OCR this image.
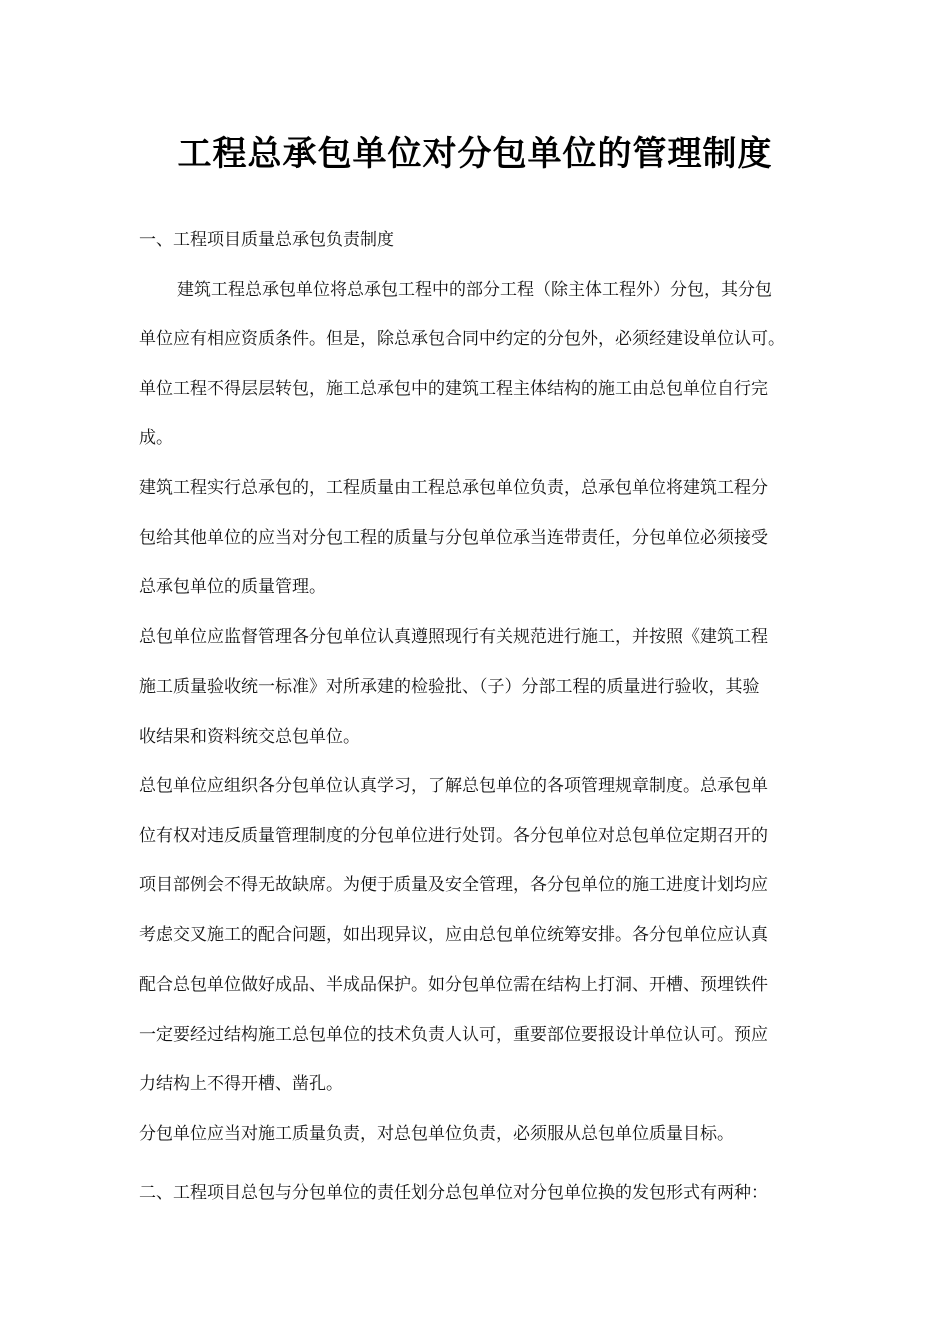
工程总承包单位对分包单位的管理制度
一、工程项目质量总承包负责制度
建筑工程总承包单位将总承包工程中的部分工程（除主体工程外）分包，其分包
单位应有相应资质条件。但是，除总承包合同中约定的分包外，必须经建设单位认可。
单位工程不得层层转包，施工总承包中的建筑工程主体结构的施工由总包单位自行完
成。
建筑工程实行总承包的，工程质量由工程总承包单位负责，总承包单位将建筑工程分
包给其他单位的应当对分包工程的质量与分包单位承当连带责任，分包单位必须接受
总承包单位的质量管理。
总包单位应监督管理各分包单位认真遵照现行有关规范进行施工，并按照《建筑工程
施工质量验收统一标准》对所承建的检验批、（子）分部工程的质量进行验收，其验
收结果和资料统交总包单位。
总包单位应组织各分包单位认真学习，了解总包单位的各项管理规章制度。总承包单
位有权对违反质量管理制度的分包单位进行处罚。各分包单位对总包单位定期召开的
项目部例会不得无故缺席。为便于质量及安全管理，各分包单位的施工进度计划均应
考虑交叉施工的配合问题，如出现异议，应由总包单位统筹安排。各分包单位应认真
配合总包单位做好成品、半成品保护。如分包单位需在结构上打洞、开槽、预埋铁件
一定要经过结构施工总包单位的技术负责人认可，重要部位要报设计单位认可。预应
力结构上不得开槽、凿孔。
分包单位应当对施工质量负责，对总包单位负责，必须服从总包单位质量目标。
二、工程项目总包与分包单位的责任划分总包单位对分包单位换的发包形式有两种：
